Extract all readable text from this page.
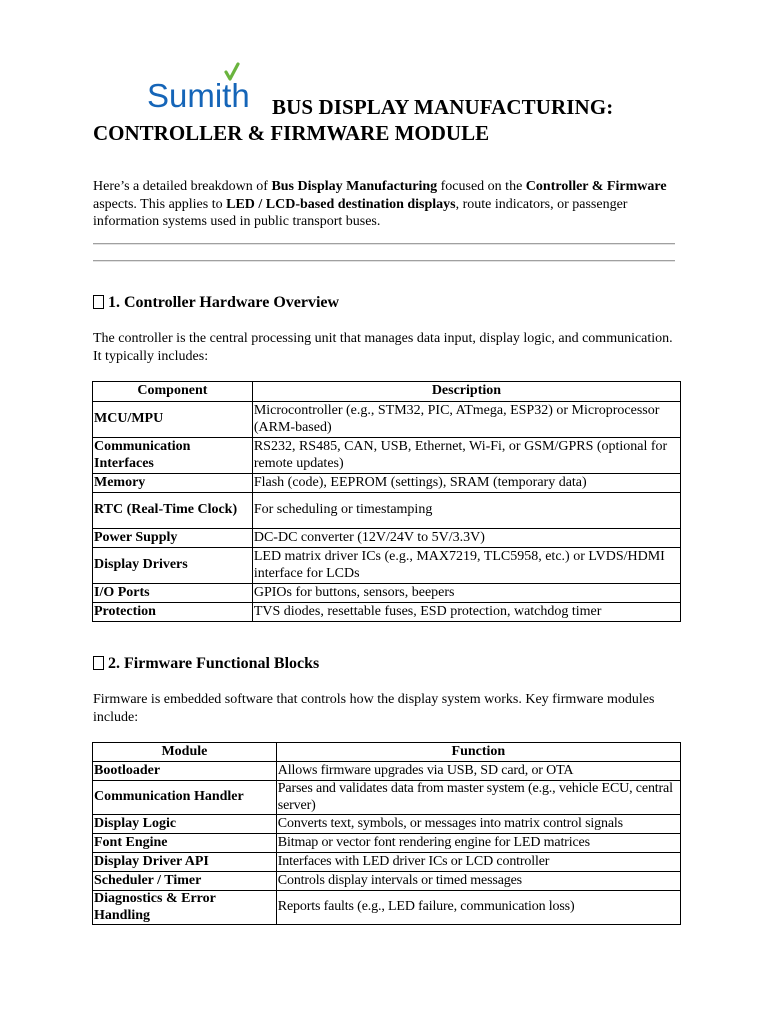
Sumith BUS DISPLAY MANUFACTURING:
CONTROLLER & FIRMWARE MODULE
Here’s a detailed breakdown of Bus Display Manufacturing focused on the Controller & Firmware aspects. This applies to LED / LCD-based destination displays, route indicators, or passenger information systems used in public transport buses.
1. Controller Hardware Overview
The controller is the central processing unit that manages data input, display logic, and communication. It typically includes:
Component	Description
MCU/MPU	Microcontroller (e.g., STM32, PIC, ATmega, ESP32) or Microprocessor (ARM-based)
Communication Interfaces	RS232, RS485, CAN, USB, Ethernet, Wi-Fi, or GSM/GPRS (optional for remote updates)
Memory	Flash (code), EEPROM (settings), SRAM (temporary data)
RTC (Real-Time Clock)	For scheduling or timestamping
Power Supply	DC-DC converter (12V/24V to 5V/3.3V)
Display Drivers	LED matrix driver ICs (e.g., MAX7219, TLC5958, etc.) or LVDS/HDMI interface for LCDs
I/O Ports	GPIOs for buttons, sensors, beepers
Protection	TVS diodes, resettable fuses, ESD protection, watchdog timer
2. Firmware Functional Blocks
Firmware is embedded software that controls how the display system works. Key firmware modules include:
Module	Function
Bootloader	Allows firmware upgrades via USB, SD card, or OTA
Communication Handler	Parses and validates data from master system (e.g., vehicle ECU, central server)
Display Logic	Converts text, symbols, or messages into matrix control signals
Font Engine	Bitmap or vector font rendering engine for LED matrices
Display Driver API	Interfaces with LED driver ICs or LCD controller
Scheduler / Timer	Controls display intervals or timed messages
Diagnostics & Error Handling	Reports faults (e.g., LED failure, communication loss)
